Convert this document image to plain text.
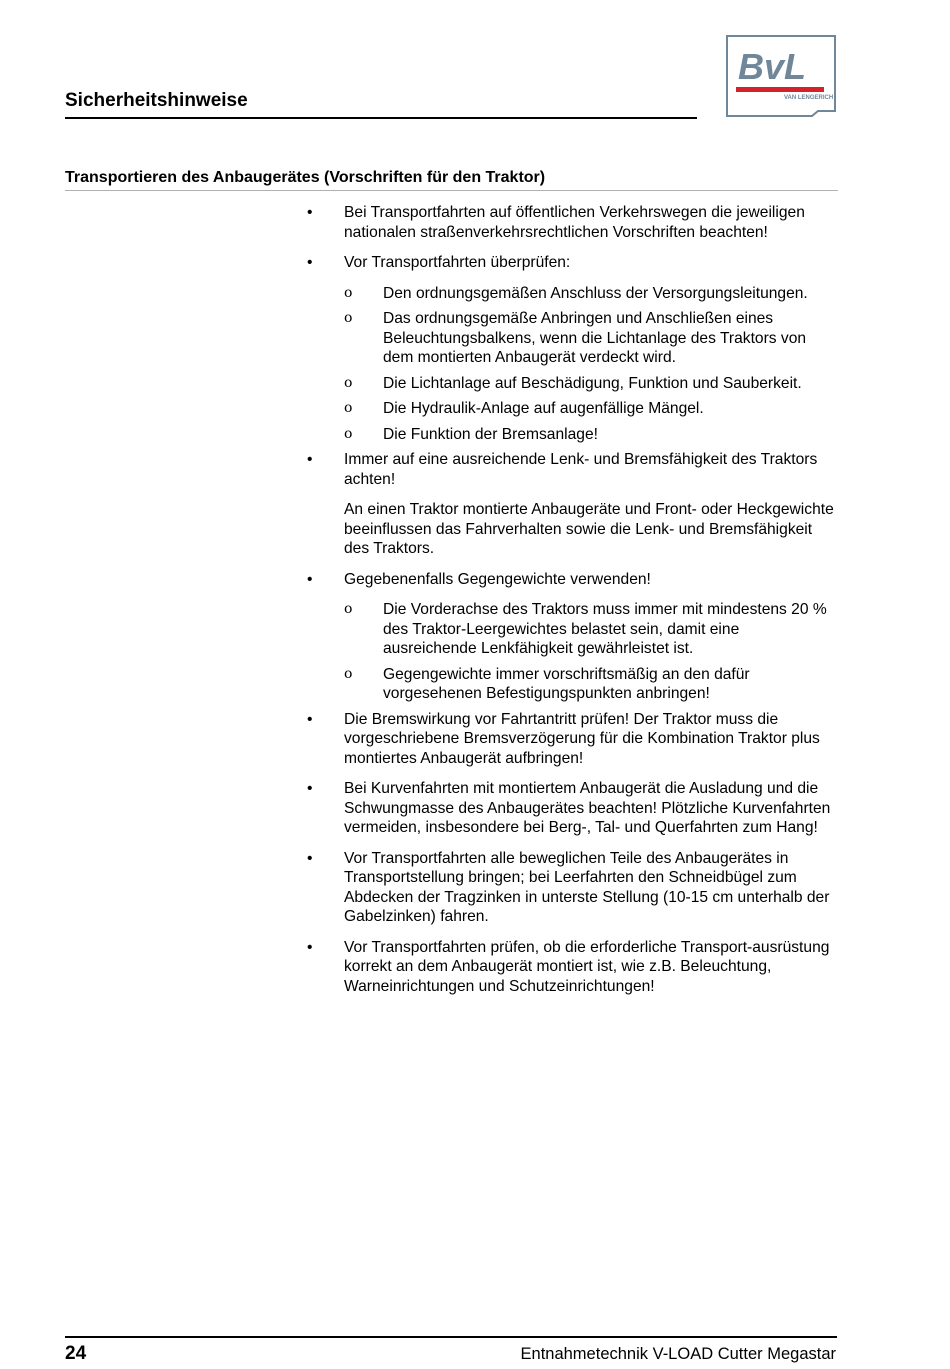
Sicherheitshinweise
BvL
VAN LENGERICH
Transportieren des Anbaugerätes (Vorschriften für den Traktor)
•	Bei Transportfahrten auf öffentlichen Verkehrswegen die jeweiligen nationalen straßenverkehrsrechtlichen Vorschriften beachten!
•	Vor Transportfahrten überprüfen:
ο	Den ordnungsgemäßen Anschluss der Versorgungsleitungen.
ο	Das ordnungsgemäße Anbringen und Anschließen eines Beleuchtungsbalkens, wenn die Lichtanlage des Traktors von dem montierten Anbaugerät verdeckt wird.
ο	Die Lichtanlage auf Beschädigung, Funktion und Sauberkeit.
ο	Die Hydraulik-Anlage auf augenfällige Mängel.
ο	Die Funktion der Bremsanlage!
•	Immer auf eine ausreichende Lenk- und Bremsfähigkeit des Traktors achten!
An einen Traktor montierte Anbaugeräte und Front- oder Heckgewichte beeinflussen das Fahrverhalten sowie die Lenk- und Bremsfähigkeit des Traktors.
•	Gegebenenfalls Gegengewichte verwenden!
ο	Die Vorderachse des Traktors muss immer mit mindestens 20 % des Traktor-Leergewichtes belastet sein, damit eine ausreichende Lenkfähigkeit gewährleistet ist.
ο	Gegengewichte immer vorschriftsmäßig an den dafür vorgesehenen Befestigungspunkten anbringen!
•	Die Bremswirkung vor Fahrtantritt prüfen! Der Traktor muss die vorgeschriebene Bremsverzögerung für die Kombination Traktor plus montiertes Anbaugerät aufbringen!
•	Bei Kurvenfahrten mit montiertem Anbaugerät die Ausladung und die Schwungmasse des Anbaugerätes beachten! Plötzliche Kurvenfahrten vermeiden, insbesondere bei Berg-, Tal- und Querfahrten zum Hang!
•	Vor Transportfahrten alle beweglichen Teile des Anbaugerätes in Transportstellung bringen; bei Leerfahrten den Schneidbügel zum Abdecken der Tragzinken in unterste Stellung (10-15 cm unterhalb der Gabelzinken) fahren.
•	Vor Transportfahrten prüfen, ob die erforderliche Transport-ausrüstung korrekt an dem Anbaugerät montiert ist, wie z.B. Beleuchtung, Warneinrichtungen und Schutzeinrichtungen!
24	Entnahmetechnik V-LOAD Cutter Megastar
